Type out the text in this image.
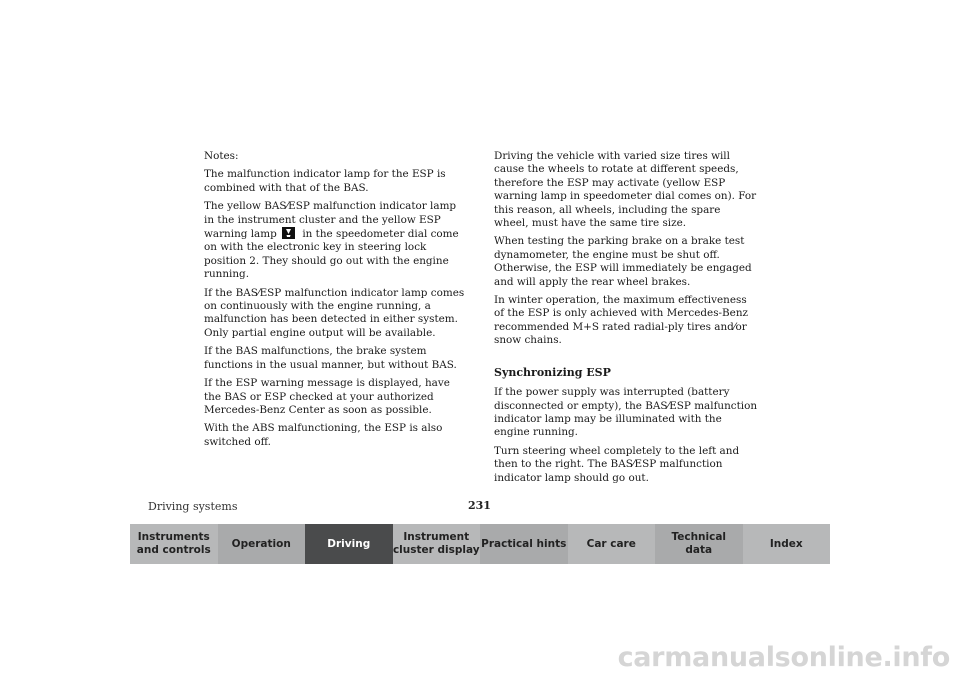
Notes:

The malfunction indicator lamp for the ESP is combined with that of the BAS.

The yellow BAS⁄ESP malfunction indicator lamp in the instrument cluster and the yellow ESP warning lamp
in the speedometer dial come on with the electronic key in steering lock position 2. They should go out with the engine running.

If the BAS⁄ESP malfunction indicator lamp comes on continuously with the engine running, a malfunction has been detected in either system. Only partial engine output will be available.

If the BAS malfunctions, the brake system functions in the usual manner, but without BAS.

If the ESP warning message is displayed, have the BAS or ESP checked at your authorized Mercedes-Benz Center as soon as possible.

With the ABS malfunctioning, the ESP is also switched off.

Driving the vehicle with varied size tires will cause the wheels to rotate at different speeds, therefore the ESP may activate (yellow ESP warning lamp in speedometer dial comes on). For this reason, all wheels, including the spare wheel, must have the same tire size.

When testing the parking brake on a brake test dynamometer, the engine must be shut off. Otherwise, the ESP will immediately be engaged and will apply the rear wheel brakes.

In winter operation, the maximum effectiveness of the ESP is only achieved with Mercedes-Benz recommended M+S rated radial-ply tires and⁄or snow chains.

Synchronizing ESP

If the power supply was interrupted (battery disconnected or empty), the BAS⁄ESP malfunction indicator lamp may be illuminated with the engine running.

Turn steering wheel completely to the left and then to the right. The BAS⁄ESP malfunction indicator lamp should go out.

Driving systems	231
Instruments
and controls
Operation	Driving
Instrument
cluster display
Practical hints	Car care
Technical
data
Index
carmanualsonline.info
